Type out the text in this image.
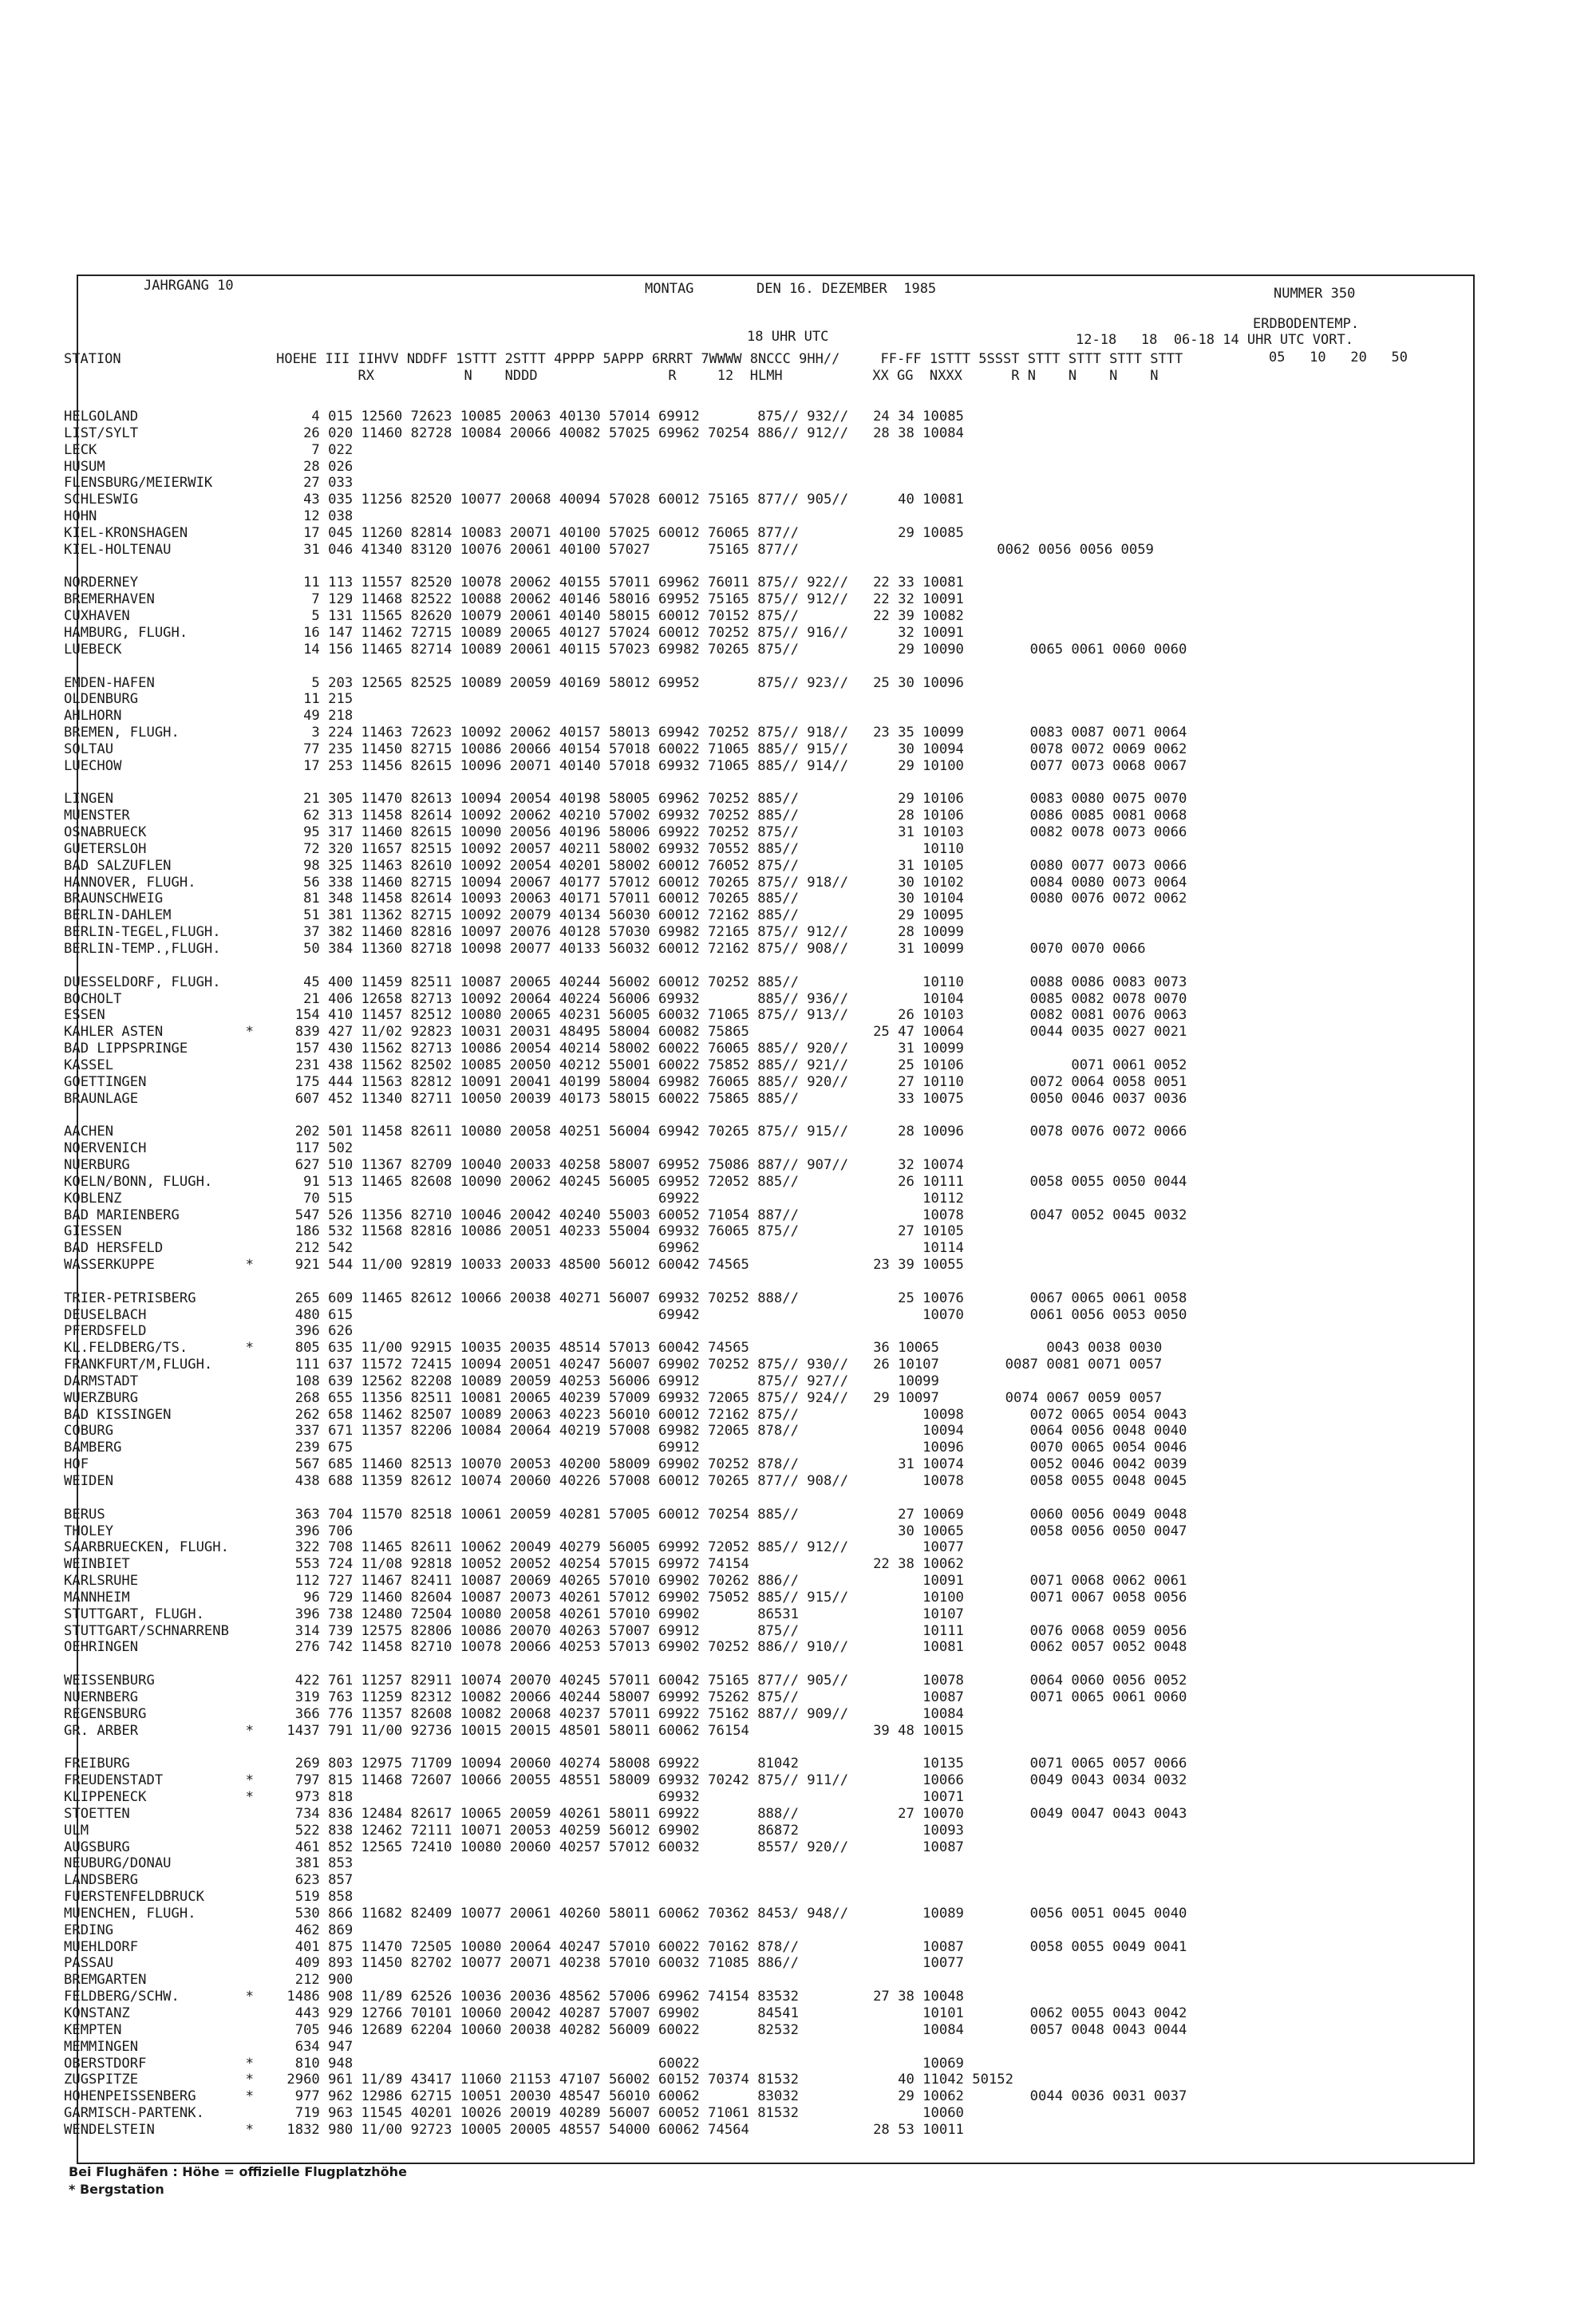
JAHRGANG 10	MONTAG	DEN 16. DEZEMBER  1985	NUMMER 350
18 UHR UTC
ERDBODENTEMP.
12-18   18  06-18 14 UHR UTC VORT.
05   10   20   50
STATION                   HOEHE III IIHVV NDDFF 1STTT 2STTT 4PPPP 5APPP 6RRRT 7WWWW 8NCCC 9HH//     FF-FF 1STTT 5SSST STTT STTT STTT STTT
RX           N    NDDD                R     12  HLMH           XX GG  NXXX      R N    N    N    N
HELGOLAND                     4 015 12560 72623 10085 20063 40130 57014 69912       875// 932//   24 34 10085
LIST/SYLT                    26 020 11460 82728 10084 20066 40082 57025 69962 70254 886// 912//   28 38 10084
LECK                          7 022
HUSUM                        28 026
FLENSBURG/MEIERWIK           27 033
SCHLESWIG                    43 035 11256 82520 10077 20068 40094 57028 60012 75165 877// 905//      40 10081
HOHN                         12 038
KIEL-KRONSHAGEN              17 045 11260 82814 10083 20071 40100 57025 60012 76065 877//            29 10085
KIEL-HOLTENAU                31 046 41340 83120 10076 20061 40100 57027       75165 877//                        0062 0056 0056 0059
NORDERNEY                    11 113 11557 82520 10078 20062 40155 57011 69962 76011 875// 922//   22 33 10081
BREMERHAVEN                   7 129 11468 82522 10088 20062 40146 58016 69952 75165 875// 912//   22 32 10091
CUXHAVEN                      5 131 11565 82620 10079 20061 40140 58015 60012 70152 875//         22 39 10082
HAMBURG, FLUGH.              16 147 11462 72715 10089 20065 40127 57024 60012 70252 875// 916//      32 10091
LUEBECK                      14 156 11465 82714 10089 20061 40115 57023 69982 70265 875//            29 10090        0065 0061 0060 0060
EMDEN-HAFEN                   5 203 12565 82525 10089 20059 40169 58012 69952       875// 923//   25 30 10096
OLDENBURG                    11 215
AHLHORN                      49 218
BREMEN, FLUGH.                3 224 11463 72623 10092 20062 40157 58013 69942 70252 875// 918//   23 35 10099        0083 0087 0071 0064
SOLTAU                       77 235 11450 82715 10086 20066 40154 57018 60022 71065 885// 915//      30 10094        0078 0072 0069 0062
LUECHOW                      17 253 11456 82615 10096 20071 40140 57018 69932 71065 885// 914//      29 10100        0077 0073 0068 0067
LINGEN                       21 305 11470 82613 10094 20054 40198 58005 69962 70252 885//            29 10106        0083 0080 0075 0070
MUENSTER                     62 313 11458 82614 10092 20062 40210 57002 69932 70252 885//            28 10106        0086 0085 0081 0068
OSNABRUECK                   95 317 11460 82615 10090 20056 40196 58006 69922 70252 875//            31 10103        0082 0078 0073 0066
GUETERSLOH                   72 320 11657 82515 10092 20057 40211 58002 69932 70552 885//               10110
BAD SALZUFLEN                98 325 11463 82610 10092 20054 40201 58002 60012 76052 875//            31 10105        0080 0077 0073 0066
HANNOVER, FLUGH.             56 338 11460 82715 10094 20067 40177 57012 60012 70265 875// 918//      30 10102        0084 0080 0073 0064
BRAUNSCHWEIG                 81 348 11458 82614 10093 20063 40171 57011 60012 70265 885//            30 10104        0080 0076 0072 0062
BERLIN-DAHLEM                51 381 11362 82715 10092 20079 40134 56030 60012 72162 885//            29 10095
BERLIN-TEGEL,FLUGH.          37 382 11460 82816 10097 20076 40128 57030 69982 72165 875// 912//      28 10099
BERLIN-TEMP.,FLUGH.          50 384 11360 82718 10098 20077 40133 56032 60012 72162 875// 908//      31 10099        0070 0070 0066
DUESSELDORF, FLUGH.          45 400 11459 82511 10087 20065 40244 56002 60012 70252 885//               10110        0088 0086 0083 0073
BOCHOLT                      21 406 12658 82713 10092 20064 40224 56006 69932       885// 936//         10104        0085 0082 0078 0070
ESSEN                       154 410 11457 82512 10080 20065 40231 56005 60032 71065 875// 913//      26 10103        0082 0081 0076 0063
KAHLER ASTEN          *     839 427 11/02 92823 10031 20031 48495 58004 60082 75865               25 47 10064        0044 0035 0027 0021
BAD LIPPSPRINGE             157 430 11562 82713 10086 20054 40214 58002 60022 76065 885// 920//      31 10099
KASSEL                      231 438 11562 82502 10085 20050 40212 55001 60022 75852 885// 921//      25 10106             0071 0061 0052
GOETTINGEN                  175 444 11563 82812 10091 20041 40199 58004 69982 76065 885// 920//      27 10110        0072 0064 0058 0051
BRAUNLAGE                   607 452 11340 82711 10050 20039 40173 58015 60022 75865 885//            33 10075        0050 0046 0037 0036
AACHEN                      202 501 11458 82611 10080 20058 40251 56004 69942 70265 875// 915//      28 10096        0078 0076 0072 0066
NOERVENICH                  117 502
NUERBURG                    627 510 11367 82709 10040 20033 40258 58007 69952 75086 887// 907//      32 10074
KOELN/BONN, FLUGH.           91 513 11465 82608 10090 20062 40245 56005 69952 72052 885//            26 10111        0058 0055 0050 0044
KOBLENZ                      70 515                                     69922                           10112
BAD MARIENBERG              547 526 11356 82710 10046 20042 40240 55003 60052 71054 887//               10078        0047 0052 0045 0032
GIESSEN                     186 532 11568 82816 10086 20051 40233 55004 69932 76065 875//            27 10105
BAD HERSFELD                212 542                                     69962                           10114
WASSERKUPPE           *     921 544 11/00 92819 10033 20033 48500 56012 60042 74565               23 39 10055
TRIER-PETRISBERG            265 609 11465 82612 10066 20038 40271 56007 69932 70252 888//            25 10076        0067 0065 0061 0058
DEUSELBACH                  480 615                                     69942                           10070        0061 0056 0053 0050
PFERDSFELD                  396 626
KL.FELDBERG/TS.       *     805 635 11/00 92915 10035 20035 48514 57013 60042 74565               36 10065             0043 0038 0030
FRANKFURT/M,FLUGH.          111 637 11572 72415 10094 20051 40247 56007 69902 70252 875// 930//   26 10107        0087 0081 0071 0057
DARMSTADT                   108 639 12562 82208 10089 20059 40253 56006 69912       875// 927//      10099
WUERZBURG                   268 655 11356 82511 10081 20065 40239 57009 69932 72065 875// 924//   29 10097        0074 0067 0059 0057
BAD KISSINGEN               262 658 11462 82507 10089 20063 40223 56010 60012 72162 875//               10098        0072 0065 0054 0043
COBURG                      337 671 11357 82206 10084 20064 40219 57008 69982 72065 878//               10094        0064 0056 0048 0040
BAMBERG                     239 675                                     69912                           10096        0070 0065 0054 0046
HOF                         567 685 11460 82513 10070 20053 40200 58009 69902 70252 878//            31 10074        0052 0046 0042 0039
WEIDEN                      438 688 11359 82612 10074 20060 40226 57008 60012 70265 877// 908//         10078        0058 0055 0048 0045
BERUS                       363 704 11570 82518 10061 20059 40281 57005 60012 70254 885//            27 10069        0060 0056 0049 0048
THOLEY                      396 706                                                                  30 10065        0058 0056 0050 0047
SAARBRUECKEN, FLUGH.        322 708 11465 82611 10062 20049 40279 56005 69992 72052 885// 912//         10077
WEINBIET                    553 724 11/08 92818 10052 20052 40254 57015 69972 74154               22 38 10062
KARLSRUHE                   112 727 11467 82411 10087 20069 40265 57010 69902 70262 886//               10091        0071 0068 0062 0061
MANNHEIM                     96 729 11460 82604 10087 20073 40261 57012 69902 75052 885// 915//         10100        0071 0067 0058 0056
STUTTGART, FLUGH.           396 738 12480 72504 10080 20058 40261 57010 69902       86531               10107
STUTTGART/SCHNARRENB        314 739 12575 82806 10086 20070 40263 57007 69912       875//               10111        0076 0068 0059 0056
OEHRINGEN                   276 742 11458 82710 10078 20066 40253 57013 69902 70252 886// 910//         10081        0062 0057 0052 0048
WEISSENBURG                 422 761 11257 82911 10074 20070 40245 57011 60042 75165 877// 905//         10078        0064 0060 0056 0052
NUERNBERG                   319 763 11259 82312 10082 20066 40244 58007 69992 75262 875//               10087        0071 0065 0061 0060
REGENSBURG                  366 776 11357 82608 10082 20068 40237 57011 69922 75162 887// 909//         10084
GR. ARBER             *    1437 791 11/00 92736 10015 20015 48501 58011 60062 76154               39 48 10015
FREIBURG                    269 803 12975 71709 10094 20060 40274 58008 69922       81042               10135        0071 0065 0057 0066
FREUDENSTADT          *     797 815 11468 72607 10066 20055 48551 58009 69932 70242 875// 911//         10066        0049 0043 0034 0032
KLIPPENECK            *     973 818                                     69932                           10071
STOETTEN                    734 836 12484 82617 10065 20059 40261 58011 69922       888//            27 10070        0049 0047 0043 0043
ULM                         522 838 12462 72111 10071 20053 40259 56012 69902       86872               10093
AUGSBURG                    461 852 12565 72410 10080 20060 40257 57012 60032       8557/ 920//         10087
NEUBURG/DONAU               381 853
LANDSBERG                   623 857
FUERSTENFELDBRUCK           519 858
MUENCHEN, FLUGH.            530 866 11682 82409 10077 20061 40260 58011 60062 70362 8453/ 948//         10089        0056 0051 0045 0040
ERDING                      462 869
MUEHLDORF                   401 875 11470 72505 10080 20064 40247 57010 60022 70162 878//               10087        0058 0055 0049 0041
PASSAU                      409 893 11450 82702 10077 20071 40238 57010 60032 71085 886//               10077
BREMGARTEN                  212 900
FELDBERG/SCHW.        *    1486 908 11/89 62526 10036 20036 48562 57006 69962 74154 83532         27 38 10048
KONSTANZ                    443 929 12766 70101 10060 20042 40287 57007 69902       84541               10101        0062 0055 0043 0042
KEMPTEN                     705 946 12689 62204 10060 20038 40282 56009 60022       82532               10084        0057 0048 0043 0044
MEMMINGEN                   634 947
OBERSTDORF            *     810 948                                     60022                           10069
ZUGSPITZE             *    2960 961 11/89 43417 11060 21153 47107 56002 60152 70374 81532            40 11042 50152
HOHENPEISSENBERG      *     977 962 12986 62715 10051 20030 48547 56010 60062       83032            29 10062        0044 0036 0031 0037
GARMISCH-PARTENK.           719 963 11545 40201 10026 20019 40289 56007 60052 71061 81532               10060
WENDELSTEIN           *    1832 980 11/00 92723 10005 20005 48557 54000 60062 74564               28 53 10011
Bei Flughäfen : Höhe = offizielle Flugplatzhöhe
* Bergstation
